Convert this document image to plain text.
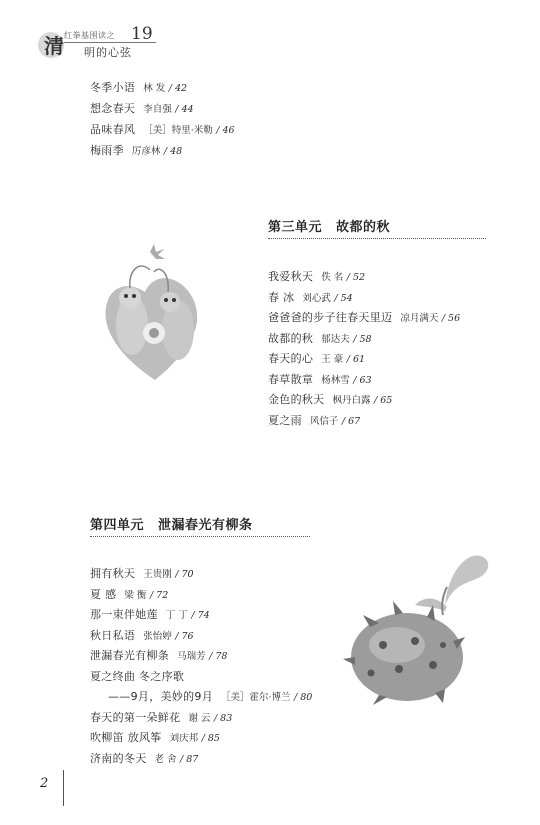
清 红拳基围读之 19
明的心弦
冬季小语 林 发 / 42
想念春天 李自强 / 44
品味春风 ［美］特里·米勒 / 46
梅雨季 厉彦林 / 48
第三单元 故都的秋
我爱秋天 佚 名 / 52
春 冰 刘心武 / 54
爸爸爸的步子往春天里迈 凉月满天 / 56
故都的秋 郁达夫 / 58
春天的心 王 豪 / 61
春草散章 杨林雪 / 63
金色的秋天 枫丹白露 / 65
夏之雨 风信子 / 67
第四单元 泄漏春光有柳条
拥有秋天 王贵刚 / 70
夏 感 梁 衡 / 72
那一束伴她莲 丁 丁 / 74
秋日私语 张怡婷 / 76
泄漏春光有柳条 马瑞芳 / 78
夏之终曲 冬之序歌
——9月，美妙的9月 ［美］霍尔·博兰 / 80
春天的第一朵鲜花 谢 云 / 83
吹柳笛 放风筝 刘庆邦 / 85
济南的冬天 老 舍 / 87
2
